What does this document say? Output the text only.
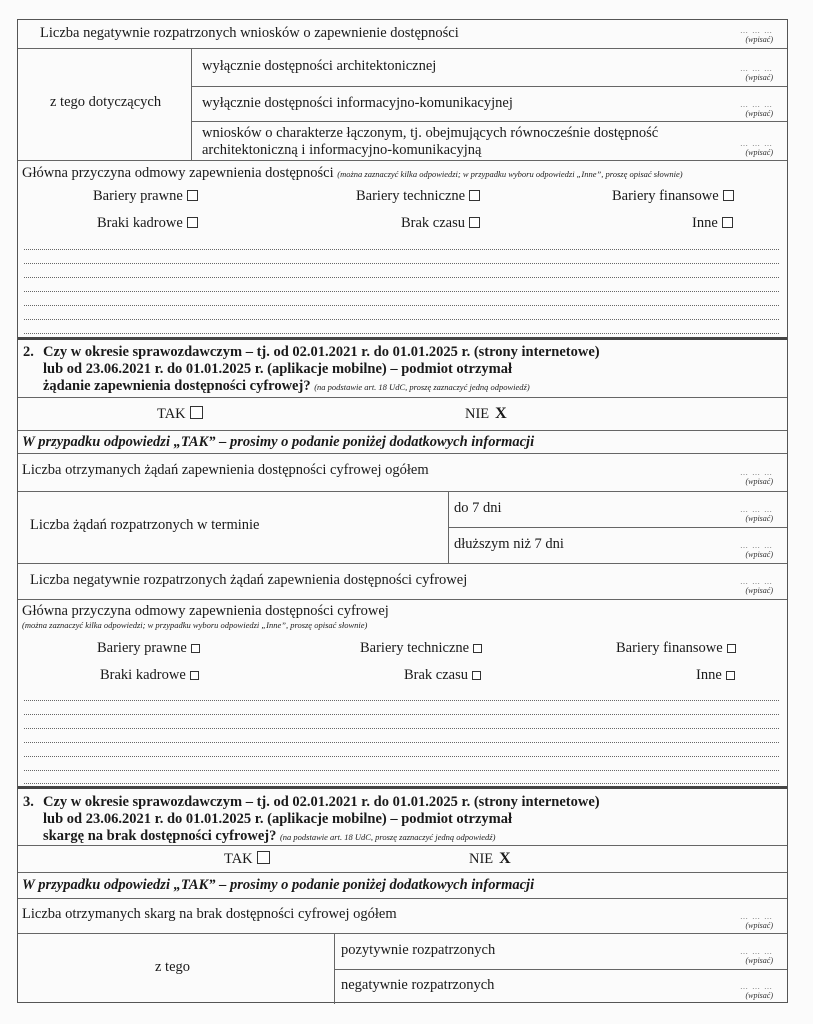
Liczba negatywnie rozpatrzonych wniosków o zapewnienie dostępności	… … …
(wpisać)
z tego dotyczących
wyłącznie dostępności architektonicznej	… … …
(wpisać)
wyłącznie dostępności informacyjno-komunikacyjnej	… … …
(wpisać)
wniosków o charakterze łączonym, tj. obejmujących równocześnie dostępność
architektoniczną i informacyjno-komunikacyjną	… … …
(wpisać)
Główna przyczyna odmowy zapewnienia dostępności (można zaznaczyć kilka odpowiedzi; w przypadku wyboru odpowiedzi „Inne”, proszę opisać słownie)
Bariery prawne	Bariery techniczne	Bariery finansowe
Braki kadrowe	Brak czasu	Inne
2. Czy w okresie sprawozdawczym – tj. od 02.01.2021 r. do 01.01.2025 r. (strony internetowe)
lub od 23.06.2021 r. do 01.01.2025 r. (aplikacje mobilne) – podmiot otrzymał
żądanie zapewnienia dostępności cyfrowej? (na podstawie art. 18 UdC, proszę zaznaczyć jedną odpowiedź)
TAK	NIE X
W przypadku odpowiedzi „TAK” – prosimy o podanie poniżej dodatkowych informacji
Liczba otrzymanych żądań zapewnienia dostępności cyfrowej ogółem	… … …
(wpisać)
Liczba żądań rozpatrzonych w terminie
do 7 dni	… … …
(wpisać)
dłuższym niż 7 dni	… … …
(wpisać)
Liczba negatywnie rozpatrzonych żądań zapewnienia dostępności cyfrowej	… … …
(wpisać)
Główna przyczyna odmowy zapewnienia dostępności cyfrowej
(można zaznaczyć kilka odpowiedzi; w przypadku wyboru odpowiedzi „Inne”, proszę opisać słownie)
Bariery prawne	Bariery techniczne	Bariery finansowe
Braki kadrowe	Brak czasu	Inne
3. Czy w okresie sprawozdawczym – tj. od 02.01.2021 r. do 01.01.2025 r. (strony internetowe)
lub od 23.06.2021 r. do 01.01.2025 r. (aplikacje mobilne) – podmiot otrzymał
skargę na brak dostępności cyfrowej? (na podstawie art. 18 UdC, proszę zaznaczyć jedną odpowiedź)
TAK	NIE X
W przypadku odpowiedzi „TAK” – prosimy o podanie poniżej dodatkowych informacji
Liczba otrzymanych skarg na brak dostępności cyfrowej ogółem	… … …
(wpisać)
z tego
pozytywnie rozpatrzonych	… … …
(wpisać)
negatywnie rozpatrzonych	… … …
(wpisać)
